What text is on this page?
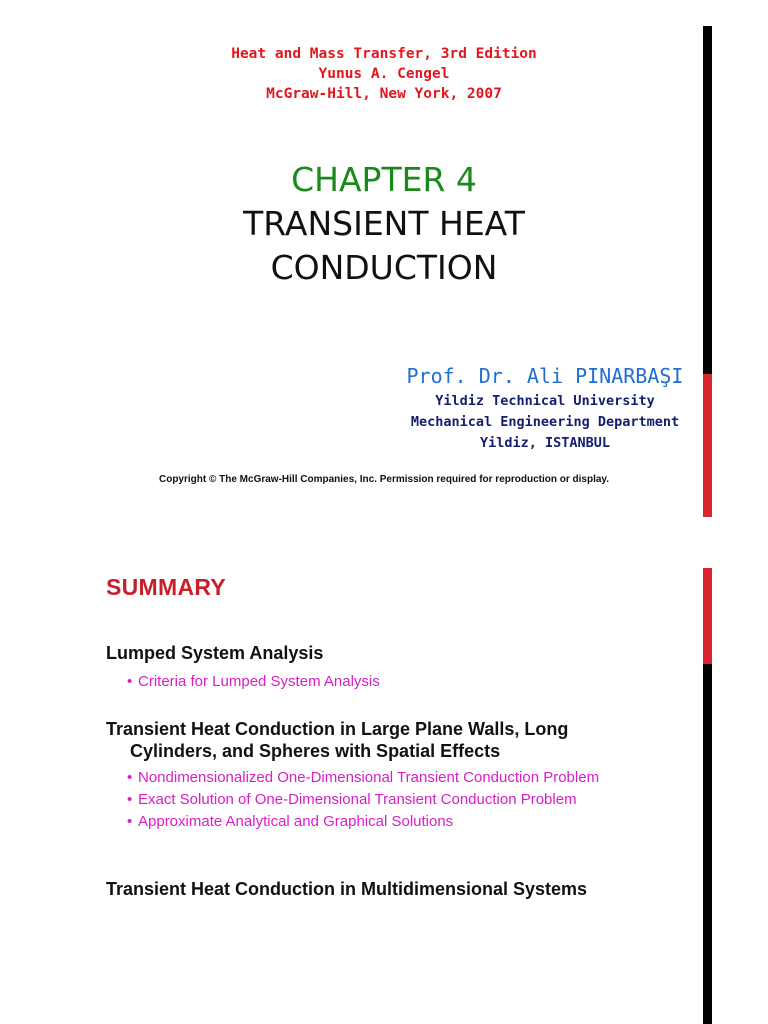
Heat and Mass Transfer, 3rd Edition
Yunus A. Cengel
McGraw-Hill, New York, 2007
CHAPTER 4
TRANSIENT HEAT
CONDUCTION
Prof. Dr. Ali PINARBAŞI
Yildiz Technical University
Mechanical Engineering Department
Yildiz, ISTANBUL
Copyright © The McGraw-Hill Companies, Inc. Permission required for reproduction or display.
SUMMARY
Lumped System Analysis
• Criteria for Lumped System Analysis
Transient Heat Conduction in Large Plane Walls, Long
Cylinders, and Spheres with Spatial Effects
• Nondimensionalized One-Dimensional Transient Conduction Problem
• Exact Solution of One-Dimensional Transient Conduction Problem
• Approximate Analytical and Graphical Solutions
Transient Heat Conduction in Multidimensional Systems
